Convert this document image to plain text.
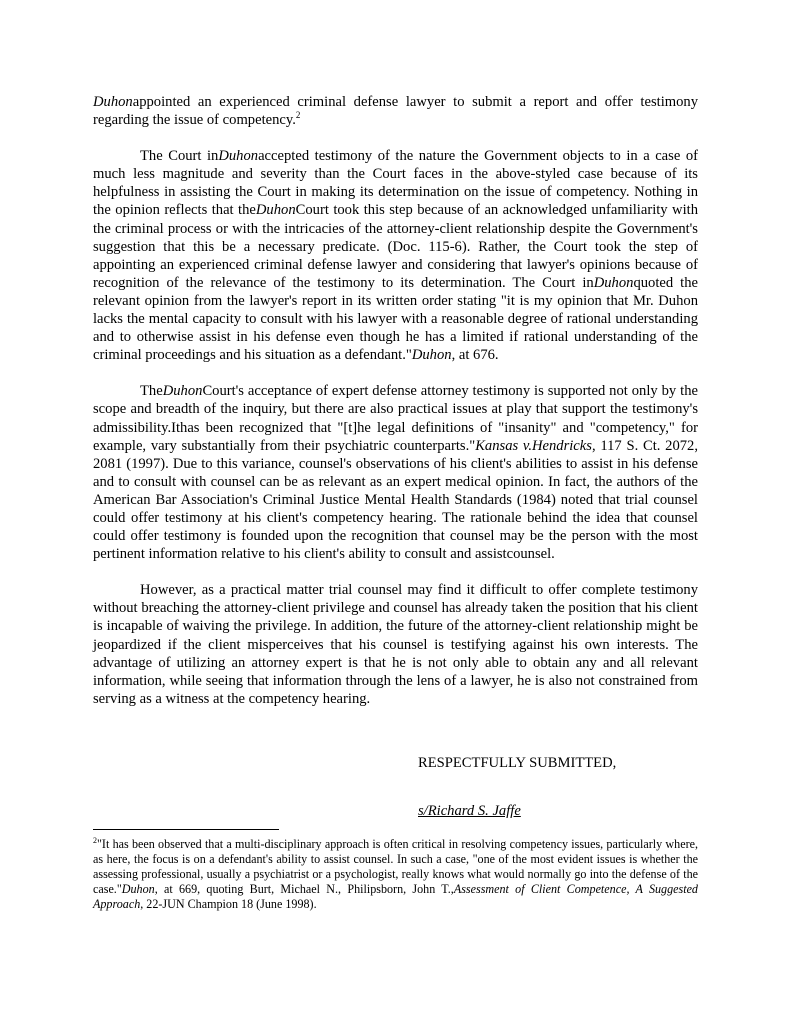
Duhonappointed an experienced criminal defense lawyer to submit a report and offer testimony regarding the issue of competency.$^2$

The Court inDuhonaccepted testimony of the nature the Government objects to in a case of much less magnitude and severity than the Court faces in the above-styled case because of its helpfulness in assisting the Court in making its determination on the issue of competency. Nothing in the opinion reflects that theDuhonCourt took this step because of an acknowledged unfamiliarity with the criminal process or with the intricacies of the attorney-client relationship despite the Government's suggestion that this be a necessary predicate. (Doc. 115-6). Rather, the Court took the step of appointing an experienced criminal defense lawyer and considering that lawyer's opinions because of recognition of the relevance of the testimony to its determination. The Court inDuhonquoted the relevant opinion from the lawyer's report in its written order stating "it is my opinion that Mr. Duhon lacks the mental capacity to consult with his lawyer with a reasonable degree of rational understanding and to otherwise assist in his defense even though he has a limited if rational understanding of the criminal proceedings and his situation as a defendant."Duhon, at 676.

TheDuhonCourt's acceptance of expert defense attorney testimony is supported not only by the scope and breadth of the inquiry, but there are also practical issues at play that support the testimony's admissibility.Ithas been recognized that "[t]he legal definitions of "insanity" and "competency," for example, vary substantially from their psychiatric counterparts."Kansas v.Hendricks, 117 S. Ct. 2072, 2081 (1997). Due to this variance, counsel's observations of his client's abilities to assist in his defense and to consult with counsel can be as relevant as an expert medical opinion. In fact, the authors of the American Bar Association's Criminal Justice Mental Health Standards (1984) noted that trial counsel could offer testimony at his client's competency hearing. The rationale behind the idea that counsel could offer testimony is founded upon the recognition that counsel may be the person with the most pertinent information relative to his client's ability to consult and assistcounsel.

However, as a practical matter trial counsel may find it difficult to offer complete testimony without breaching the attorney-client privilege and counsel has already taken the position that his client is incapable of waiving the privilege. In addition, the future of the attorney-client relationship might be jeopardized if the client misperceives that his counsel is testifying against his own interests. The advantage of utilizing an attorney expert is that he is not only able to obtain any and all relevant information, while seeing that information through the lens of a lawyer, he is also not constrained from serving as a witness at the competency hearing.

RESPECTFULLY SUBMITTED,
s/Richard S. Jaffe
$^2$"It has been observed that a multi-disciplinary approach is often critical in resolving competency issues, particularly where, as here, the focus is on a defendant's ability to assist counsel. In such a case, "one of the most evident issues is whether the assessing professional, usually a psychiatrist or a psychologist, really knows what would normally go into the defense of the case."Duhon, at 669, quoting Burt, Michael N., Philipsborn, John T.,Assessment of Client Competence, A Suggested Approach, 22-JUN Champion 18 (June 1998).
